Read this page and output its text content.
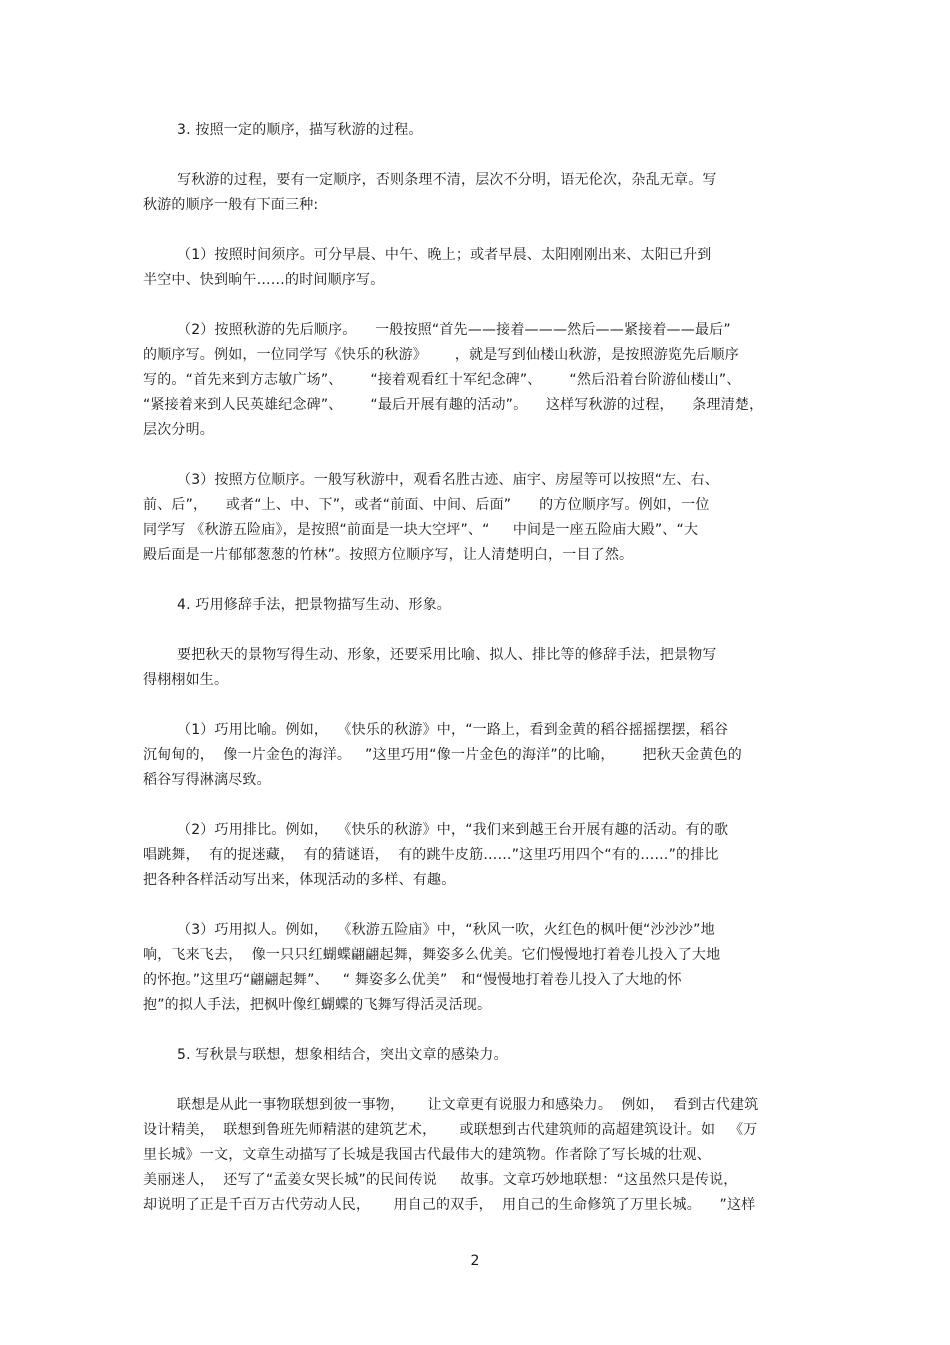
3. 按照一定的顺序，描写秋游的过程。
写秋游的过程，要有一定顺序，否则条理不清，层次不分明，语无伦次，杂乱无章。写
秋游的顺序一般有下面三种:
（1）按照时间须序。可分早晨、中午、晚上；或者早晨、太阳刚刚出来、太阳已升到
半空中、快到晌午……的时间顺序写。
（2）按照秋游的先后顺序。    一般按照“首先——接着———然后——紧接着——最后”
的顺序写。例如，一位同学写《快乐的秋游》      ，就是写到仙楼山秋游，是按照游览先后顺序
写的。“首先来到方志敏广场”、      “接着观看红十军纪念碑”、      “然后沿着台阶游仙楼山”、
“紧接着来到人民英雄纪念碑”、      “最后开展有趣的活动”。    这样写秋游的过程，    条理清楚，
层次分明。
（3）按照方位顺序。一般写秋游中，观看名胜古迹、庙宇、房屋等可以按照“左、右、
前、后”，    或者“上、中、下”，或者“前面、中间、后面”      的方位顺序写。例如，一位
同学写 《秋游五险庙》，是按照“前面是一块大空坪”、“     中间是一座五险庙大殿”、“大
殿后面是一片郁郁葱葱的竹林”。按照方位顺序写，让人清楚明白，一目了然。
4. 巧用修辞手法，把景物描写生动、形象。
要把秋天的景物写得生动、形象，还要采用比喻、拟人、排比等的修辞手法，把景物写
得栩栩如生。
（1）巧用比喻。例如，  《快乐的秋游》中，“一路上，看到金黄的稻谷摇摇摆摆，稻谷
沉甸甸的，  像一片金色的海洋。   ”这里巧用“像一片金色的海洋”的比喻，      把秋天金黄色的
稻谷写得淋漓尽致。
（2）巧用排比。例如，  《快乐的秋游》中，“我们来到越王台开展有趣的活动。有的歌
唱跳舞，  有的捉迷藏，  有的猜谜语，  有的跳牛皮筋……”这里巧用四个“有的……”的排比
把各种各样活动写出来，体现活动的多样、有趣。
（3）巧用拟人。例如，  《秋游五险庙》中，“秋风一吹，火红色的枫叶便“沙沙沙”地
响，飞来飞去，  像一只只红蝴蝶翩翩起舞，舞姿多么优美。它们慢慢地打着卷儿投入了大地
的怀抱。”这里巧“翩翩起舞”、   “ 舞姿多么优美”   和“慢慢地打着卷儿投入了大地的怀
抱”的拟人手法，把枫叶像红蝴蝶的飞舞写得活灵活现。
5. 写秋景与联想，想象相结合，突出文章的感染力。
联想是从此一事物联想到彼一事物，     让文章更有说服力和感染力。  例如，  看到古代建筑
设计精美，  联想到鲁班先师精湛的建筑艺术，     或联想到古代建筑师的高超建筑设计。如   《万
里长城》一文，文章生动描写了长城是我国古代最伟大的建筑物。作者除了写长城的壮观、
美丽迷人，  还写了“孟姜女哭长城”的民间传说     故事。文章巧妙地联想：“这虽然只是传说，
却说明了正是千百万古代劳动人民，     用自己的双手，  用自己的生命修筑了万里长城。    ”这样
2
